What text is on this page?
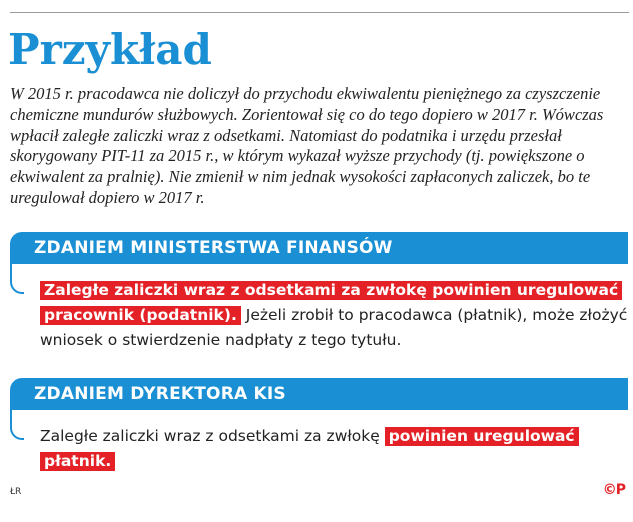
Przykład

W 2015 r. pracodawca nie doliczył do przychodu ekwiwalentu pieniężnego za czyszczenie chemiczne mundurów służbowych. Zorientował się co do tego dopiero w 2017 r. Wówczas wpłacił zaległe zaliczki wraz z odsetkami. Natomiast do podatnika i urzędu przesłał skorygowany PIT-11 za 2015 r., w którym wykazał wyższe przychody (tj. powiększone o ekwiwalent za pralnię). Nie zmienił w nim jednak wysokości zapłaconych zaliczek, bo te uregulował dopiero w 2017 r.

ZDANIEM MINISTERSTWA FINANSÓW

Zaległe zaliczki wraz z odsetkami za zwłokę powinien uregulować pracownik (podatnik). Jeżeli zrobił to pracodawca (płatnik), może złożyć wniosek o stwierdzenie nadpłaty z tego tytułu.

ZDANIEM DYREKTORA KIS

Zaległe zaliczki wraz z odsetkami za zwłokę powinien uregulować płatnik.

ŁR	©P
